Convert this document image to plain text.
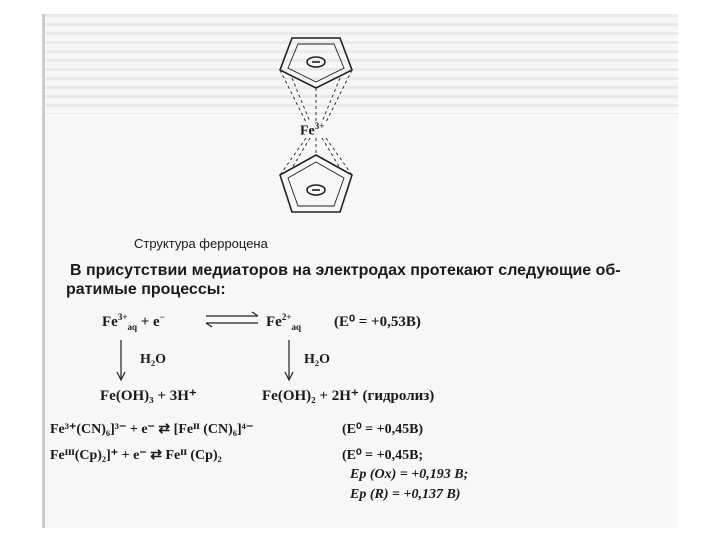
$Fe^{3+}$
Структура ферроцена
В присутствии медиаторов на электродах протекают следующие об-
ратимые процессы:
$Fe^{3+}_{aq} + e^-$	$Fe^{2+}_{aq}$ (E⁰ = +0,53B)
H₂O	H₂O
Fe(OH)₃ + 3H⁺	Fe(OH)₂ + 2H⁺ (гидролиз)
Fe³⁺(CN)₆]³⁻ + e⁻ ⇄ [Feᴵᴵ (CN)₆]⁴⁻	(E⁰ = +0,45B)
Feᴵᴵᴵ(Cp)₂]⁺ + e⁻ ⇄ Feᴵᴵ (Cp)₂	(E⁰ = +0,45B;
Ep (Ox) = +0,193 B;
Ep (R) = +0,137 B)
